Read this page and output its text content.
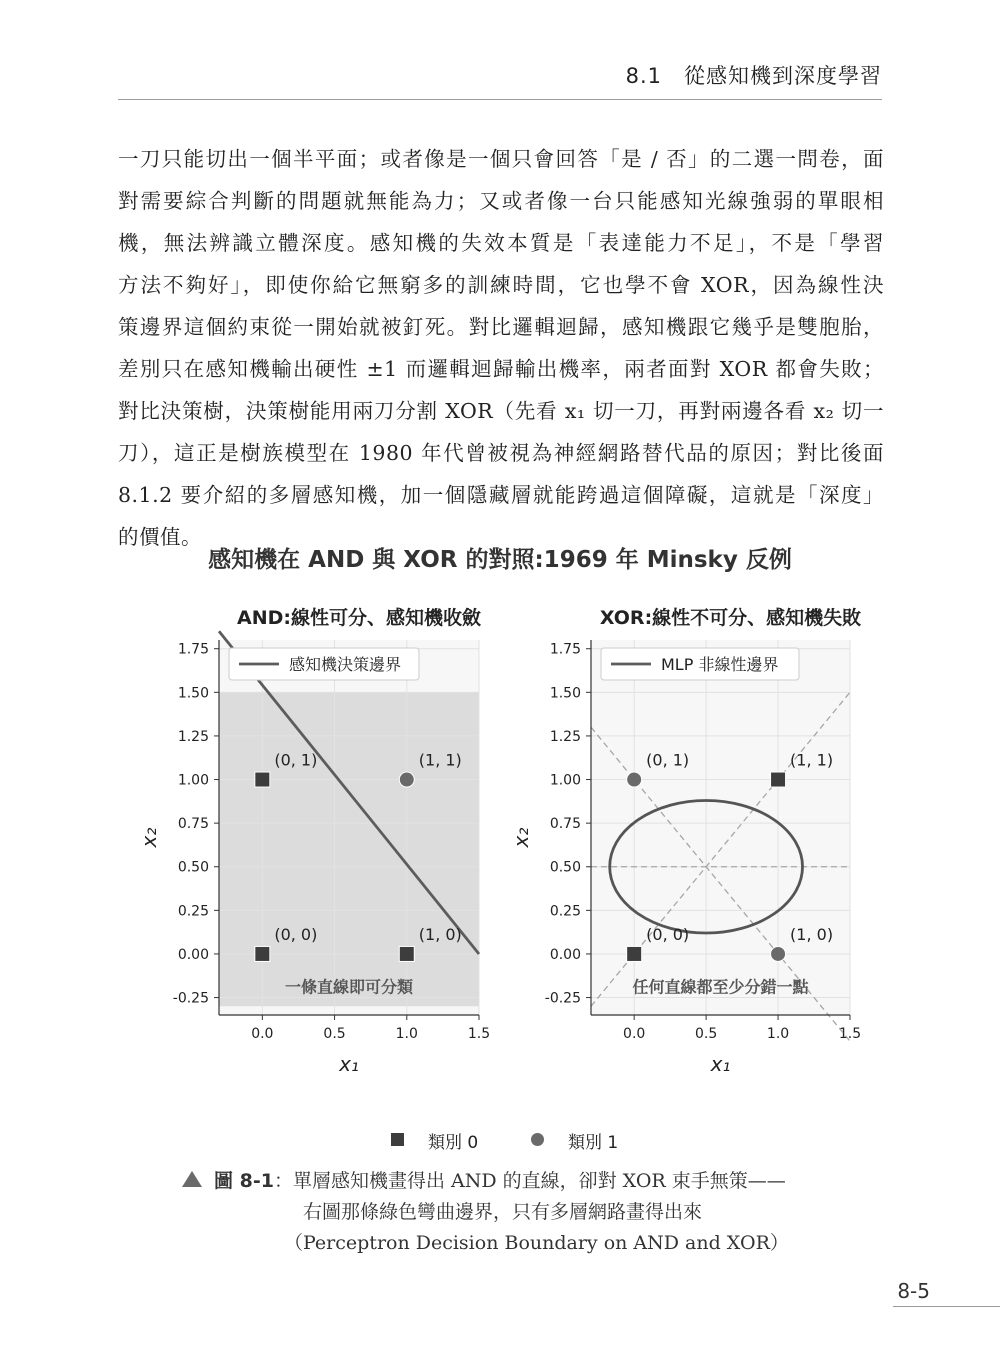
8.1　從感知機到深度學習
一刀只能切出一個半平面；或者像是一個只會回答「是 / 否」的二選一問卷，面
對需要綜合判斷的問題就無能為力；又或者像一台只能感知光線強弱的單眼相
機，無法辨識立體深度。感知機的失效本質是「表達能力不足」，不是「學習
方法不夠好」，即使你給它無窮多的訓練時間，它也學不會 XOR，因為線性決
策邊界這個約束從一開始就被釘死。對比邏輯迴歸，感知機跟它幾乎是雙胞胎，
差別只在感知機輸出硬性 ±1 而邏輯迴歸輸出機率，兩者面對 XOR 都會失敗；
對比決策樹，決策樹能用兩刀分割 XOR（先看 x₁ 切一刀，再對兩邊各看 x₂ 切一
刀），這正是樹族模型在 1980 年代曾被視為神經網路替代品的原因；對比後面
8.1.2 要介紹的多層感知機，加一個隱藏層就能跨過這個障礙，這就是「深度」
的價值。
感知機在 AND 與 XOR 的對照:1969 年 Minsky 反例
1.75
1.50
1.25
1.00
0.75
0.50
0.25
0.00
-0.25
0.0	0.5	1.0	1.5
(0, 0)	(1, 0)
(0, 1)	(1, 1)
一條直線即可分類
感知機決策邊界
AND:線性可分、感知機收斂
x₁
x₂
1.75
1.50
1.25
1.00
0.75
0.50
0.25
0.00
-0.25
0.0	0.5	1.0	1.5
(0, 0)
(1, 1)
(0, 1)
(1, 0)
任何直線都至少分錯一點
MLP 非線性邊界
XOR:線性不可分、感知機失敗
x₁
x₂
類別 0	類別 1
圖 8-1：單層感知機畫得出 AND 的直線，卻對 XOR 束手無策——
右圖那條綠色彎曲邊界，只有多層網路畫得出來
（Perceptron Decision Boundary on AND and XOR）
8-5
